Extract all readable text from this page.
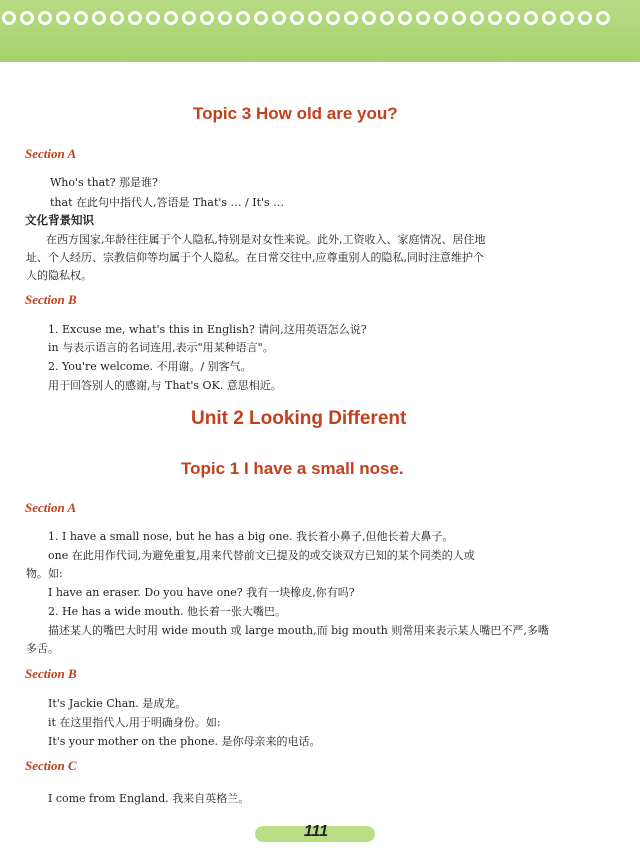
Topic 3 How old are you?
Section A
Who's that? 那是谁?
that 在此句中指代人,答语是 That's … / It's …
文化背景知识
在西方国家,年龄往往属于个人隐私,特别是对女性来说。此外,工资收入、家庭情况、居住地
址、个人经历、宗教信仰等均属于个人隐私。在日常交往中,应尊重别人的隐私,同时注意维护个
人的隐私权。
Section B
1. Excuse me, what's this in English? 请问,这用英语怎么说?
in 与表示语言的名词连用,表示"用某种语言"。
2. You're welcome. 不用谢。/ 别客气。
用于回答别人的感谢,与 That's OK. 意思相近。
Unit 2 Looking Different
Topic 1 I have a small nose.
Section A
1. I have a small nose, but he has a big one. 我长着小鼻子,但他长着大鼻子。
one 在此用作代词,为避免重复,用来代替前文已提及的或交谈双方已知的某个同类的人或
物。如:
I have an eraser. Do you have one? 我有一块橡皮,你有吗?
2. He has a wide mouth. 他长着一张大嘴巴。
描述某人的嘴巴大时用 wide mouth 或 large mouth,而 big mouth 则常用来表示某人嘴巴不严,多嘴
多舌。
Section B
It's Jackie Chan. 是成龙。
it 在这里指代人,用于明确身份。如:
It's your mother on the phone. 是你母亲来的电话。
Section C
I come from England. 我来自英格兰。
111
